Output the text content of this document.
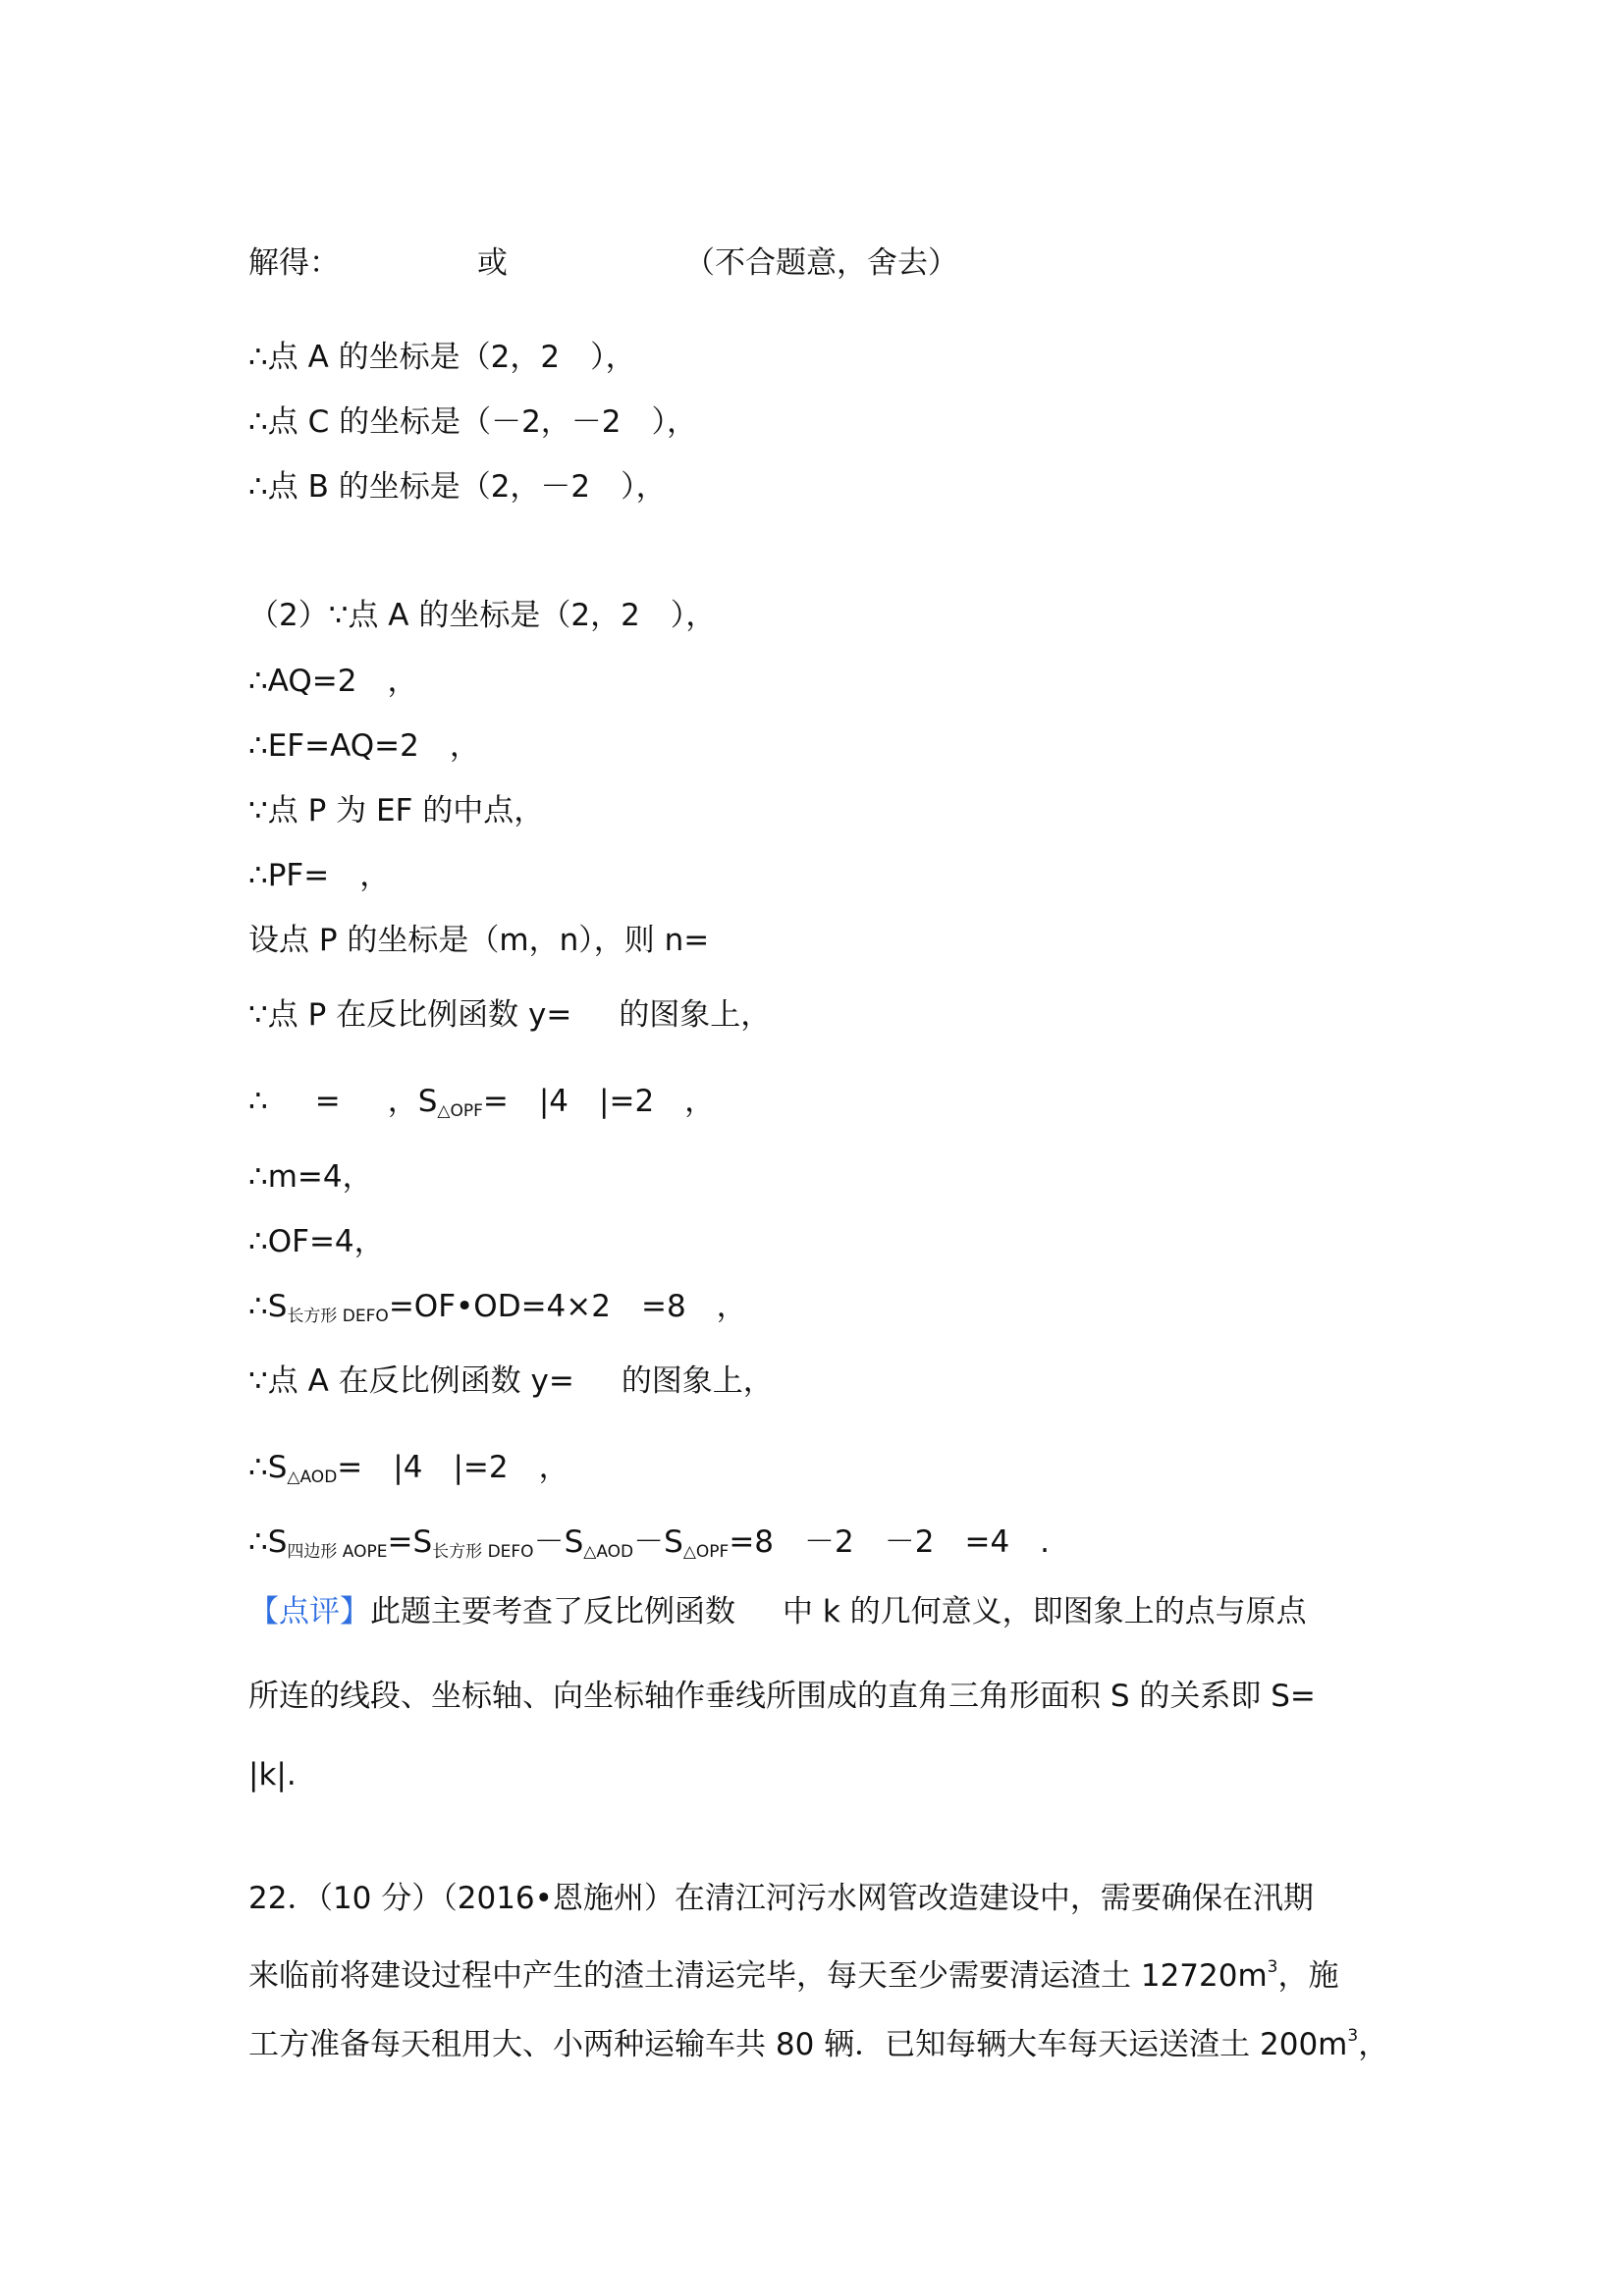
解得：	或	（不合题意，舍去）
∴点 A 的坐标是（2，2　），
∴点 C 的坐标是（－2，－2　），
∴点 B 的坐标是（2，－2　），
（2）∵点 A 的坐标是（2，2　），
∴AQ=2　，
∴EF=AQ=2　，
∵点 P 为 EF 的中点，
∴PF=　，
设点 P 的坐标是（m，n），则 n=
∵点 P 在反比例函数 y= 的图象上，
∴ = ，$S_{\triangle OPF}=$　|4　|=2　，
∴m=4，
∴OF=4，
$\therefore S_{长方形 DEFO}=OF•OD=4\times 2$　=8　，
∵点 A 在反比例函数 y= 的图象上，
$\therefore S_{\triangle AOD}=$　|4　|=2　，
$\therefore S_{四边形 AOPE}=S_{长方形 DEFO}-S_{\triangle AOD}-S_{\triangle OPF}=8$　－2　－2　=4　.
【点评】此题主要考查了反比例函数 中 k 的几何意义，即图象上的点与原点
所连的线段、坐标轴、向坐标轴作垂线所围成的直角三角形面积 S 的关系即 S=
|k|.
22．（10 分）（2016•恩施州）在清江河污水网管改造建设中，需要确保在汛期
来临前将建设过程中产生的渣土清运完毕，每天至少需要清运渣土 $12720m^3$，施
工方准备每天租用大、小两种运输车共 80 辆．已知每辆大车每天运送渣土 $200m^3$，
